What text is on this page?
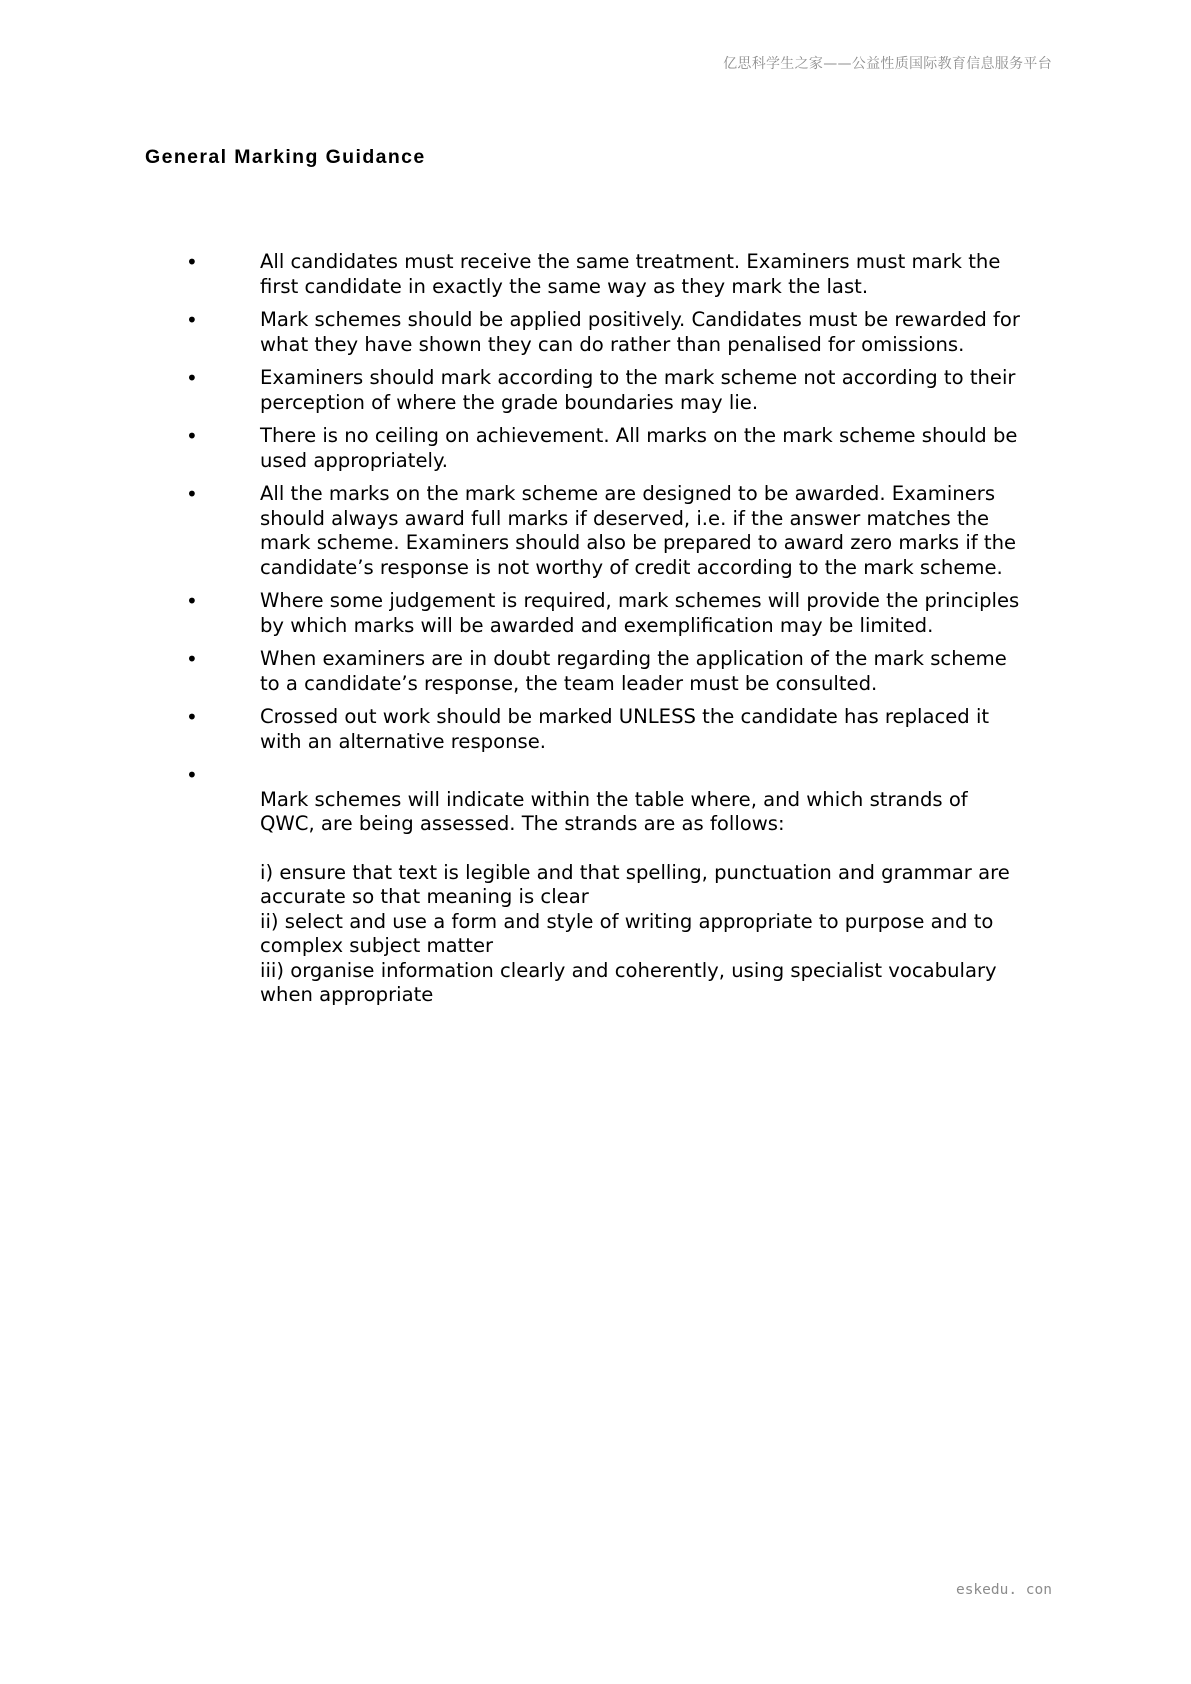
亿思科学生之家——公益性质国际教育信息服务平台
General Marking Guidance
•	All candidates must receive the same treatment. Examiners must mark the
first candidate in exactly the same way as they mark the last.
•	Mark schemes should be applied positively. Candidates must be rewarded for
what they have shown they can do rather than penalised for omissions.
•	Examiners should mark according to the mark scheme not according to their
perception of where the grade boundaries may lie.
•	There is no ceiling on achievement. All marks on the mark scheme should be
used appropriately.
•	All the marks on the mark scheme are designed to be awarded. Examiners
should always award full marks if deserved, i.e. if the answer matches the
mark scheme. Examiners should also be prepared to award zero marks if the
candidate’s response is not worthy of credit according to the mark scheme.
•	Where some judgement is required, mark schemes will provide the principles
by which marks will be awarded and exemplification may be limited.
•	When examiners are in doubt regarding the application of the mark scheme
to a candidate’s response, the team leader must be consulted.
•	Crossed out work should be marked UNLESS the candidate has replaced it
with an alternative response.
•

Mark schemes will indicate within the table where, and which strands of
QWC, are being assessed. The strands are as follows:

i) ensure that text is legible and that spelling, punctuation and grammar are
accurate so that meaning is clear
ii) select and use a form and style of writing appropriate to purpose and to
complex subject matter
iii) organise information clearly and coherently, using specialist vocabulary
when appropriate

eskedu. con
